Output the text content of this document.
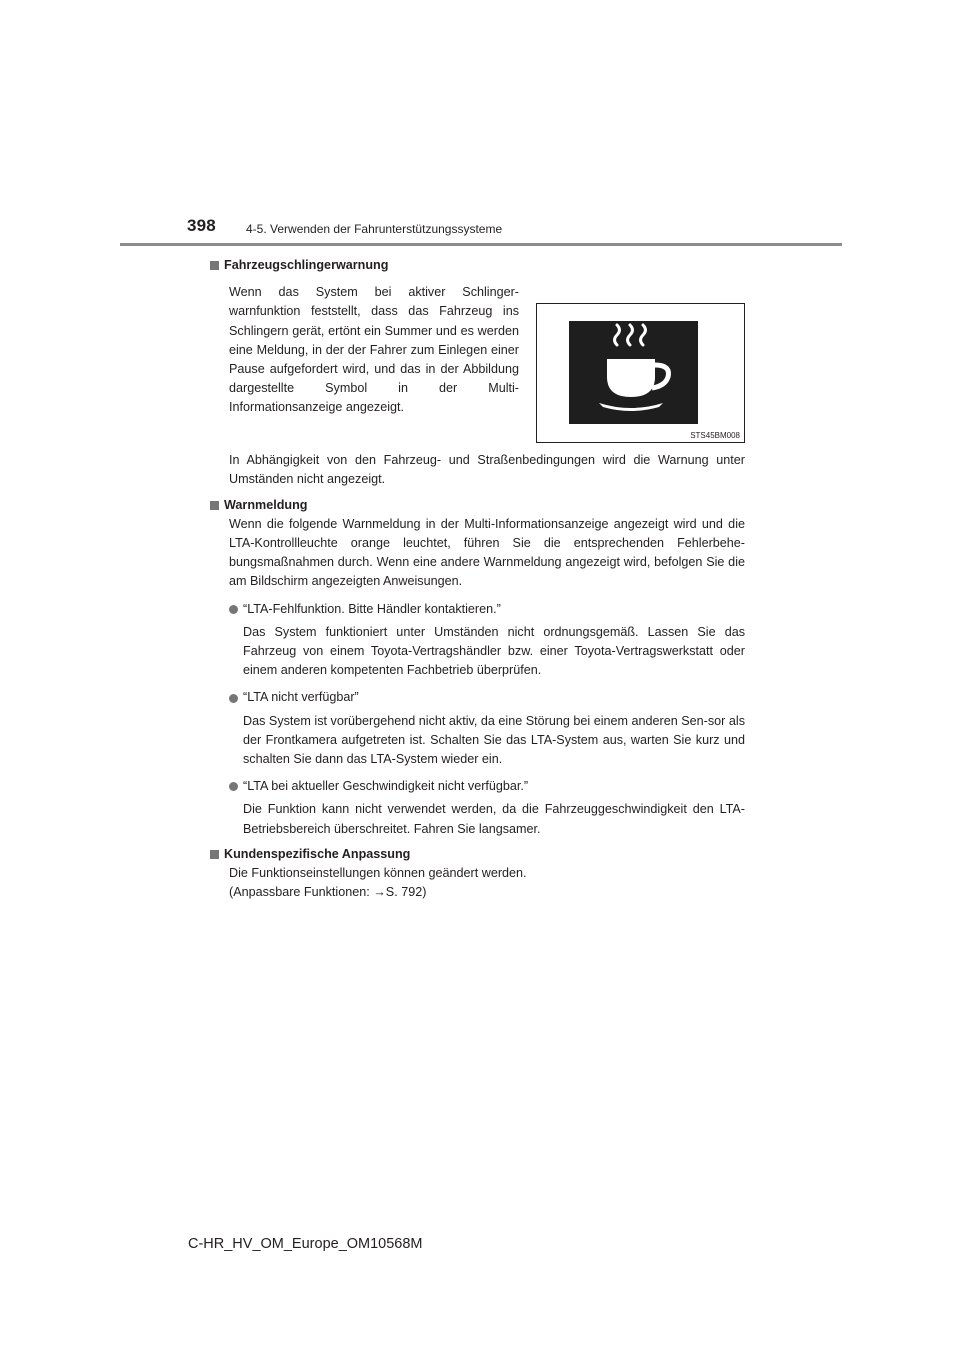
398	4-5. Verwenden der Fahrunterstützungssysteme
Fahrzeugschlingerwarnung
Wenn das System bei aktiver Schlinger-warnfunktion feststellt, dass das Fahrzeug ins Schlingern gerät, ertönt ein Summer und es werden eine Meldung, in der der Fahrer zum Einlegen einer Pause aufgefordert wird, und das in der Abbildung dargestellte Symbol in der Multi-Informationsanzeige angezeigt.
STS45BM008

In Abhängigkeit von den Fahrzeug- und Straßenbedingungen wird die Warnung unter Umständen nicht angezeigt.

Warnmeldung

Wenn die folgende Warnmeldung in der Multi-Informationsanzeige angezeigt wird und die LTA-Kontrollleuchte orange leuchtet, führen Sie die entsprechenden Fehlerbehe-bungsmaßnahmen durch. Wenn eine andere Warnmeldung angezeigt wird, befolgen Sie die am Bildschirm angezeigten Anweisungen.

“LTA-Fehlfunktion. Bitte Händler kontaktieren.”

Das System funktioniert unter Umständen nicht ordnungsgemäß. Lassen Sie das Fahrzeug von einem Toyota-Vertragshändler bzw. einer Toyota-Vertragswerkstatt oder einem anderen kompetenten Fachbetrieb überprüfen.

“LTA nicht verfügbar”

Das System ist vorübergehend nicht aktiv, da eine Störung bei einem anderen Sen-sor als der Frontkamera aufgetreten ist. Schalten Sie das LTA-System aus, warten Sie kurz und schalten Sie dann das LTA-System wieder ein.

“LTA bei aktueller Geschwindigkeit nicht verfügbar.”

Die Funktion kann nicht verwendet werden, da die Fahrzeuggeschwindigkeit den LTA-Betriebsbereich überschreitet. Fahren Sie langsamer.

Kundenspezifische Anpassung

Die Funktionseinstellungen können geändert werden.

(Anpassbare Funktionen: →S. 792)

C-HR_HV_OM_Europe_OM10568M
